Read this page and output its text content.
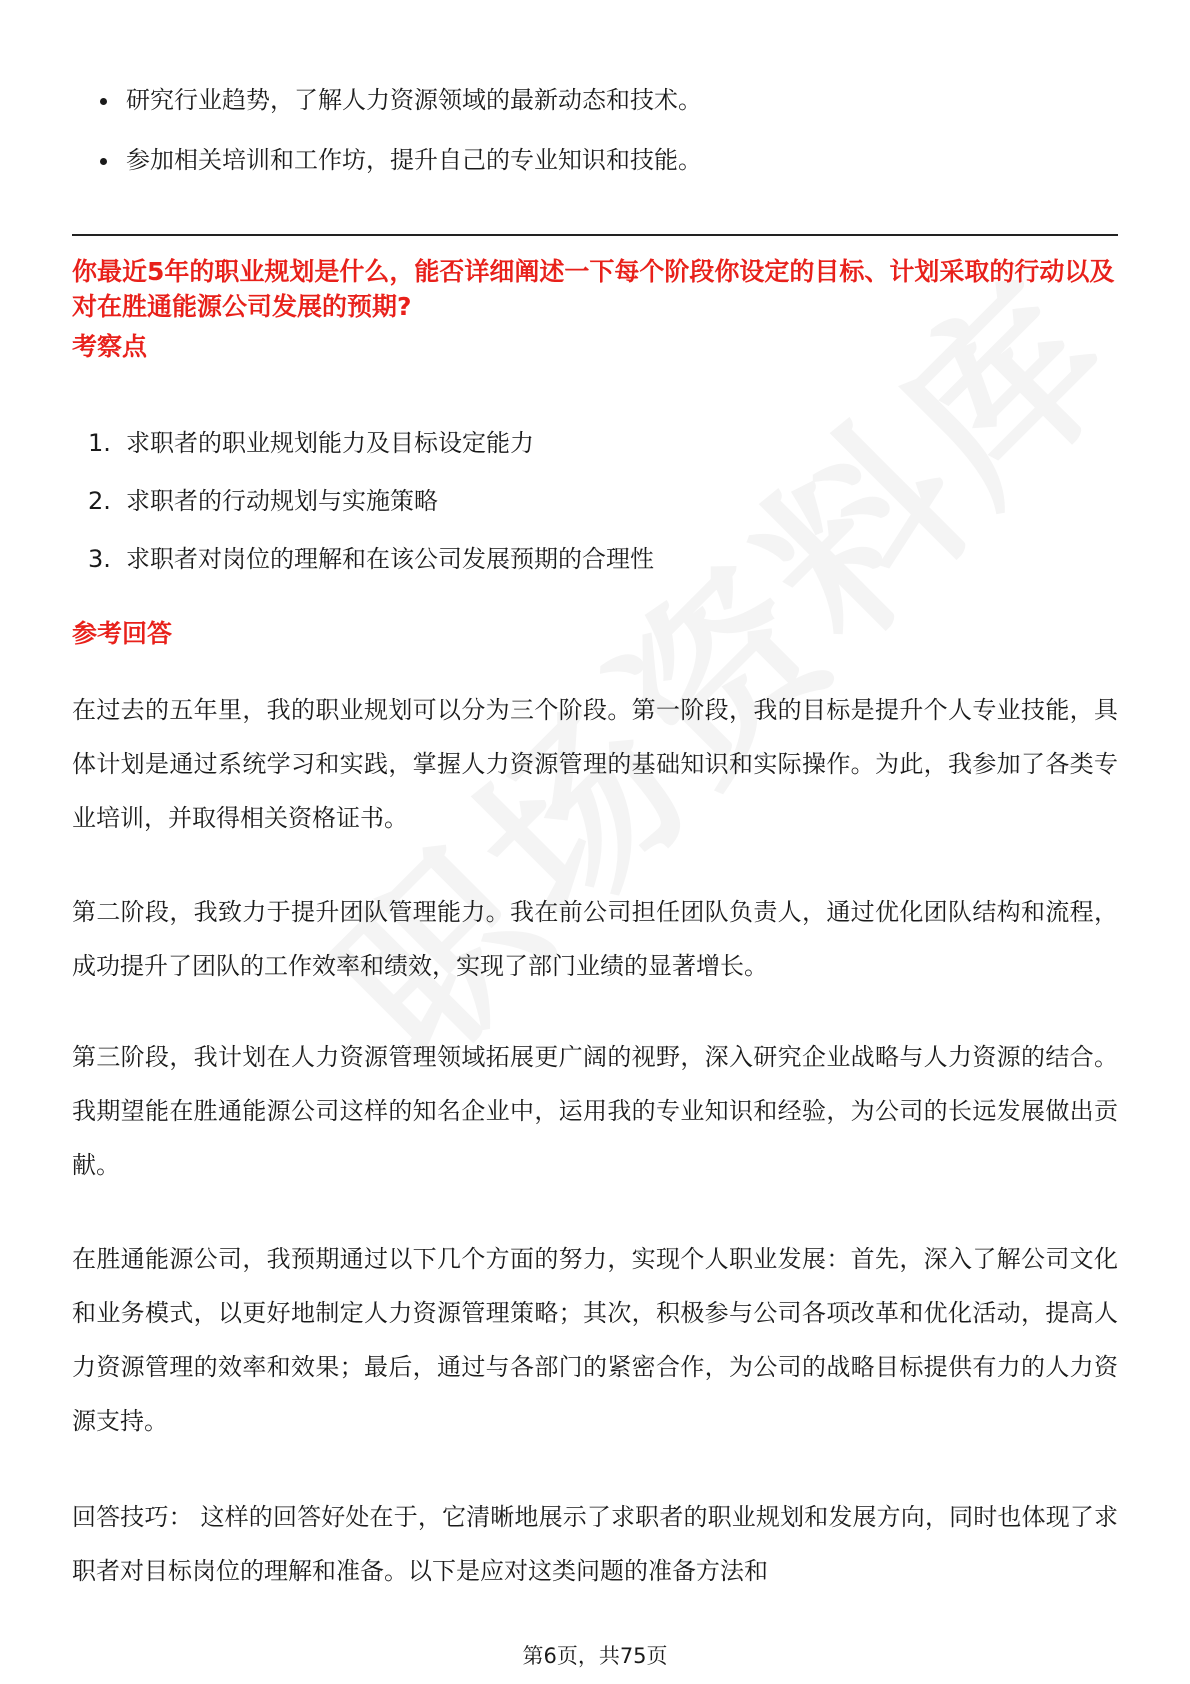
研究行业趋势，了解人力资源领域的最新动态和技术。
参加相关培训和工作坊，提升自己的专业知识和技能。

你最近5年的职业规划是什么，能否详细阐述一下每个阶段你设定的目标、计划采取的行动以及对在胜通能源公司发展的预期?

考察点

1. 求职者的职业规划能力及目标设定能力
2. 求职者的行动规划与实施策略
3. 求职者对岗位的理解和在该公司发展预期的合理性

参考回答

在过去的五年里，我的职业规划可以分为三个阶段。第一阶段，我的目标是提升个人专业技能，具体计划是通过系统学习和实践，掌握人力资源管理的基础知识和实际操作。为此，我参加了各类专业培训，并取得相关资格证书。

第二阶段，我致力于提升团队管理能力。我在前公司担任团队负责人，通过优化团队结构和流程，成功提升了团队的工作效率和绩效，实现了部门业绩的显著增长。

第三阶段，我计划在人力资源管理领域拓展更广阔的视野，深入研究企业战略与人力资源的结合。我期望能在胜通能源公司这样的知名企业中，运用我的专业知识和经验，为公司的长远发展做出贡献。

在胜通能源公司，我预期通过以下几个方面的努力，实现个人职业发展：首先，深入了解公司文化和业务模式，以更好地制定人力资源管理策略；其次，积极参与公司各项改革和优化活动，提高人力资源管理的效率和效果；最后，通过与各部门的紧密合作，为公司的战略目标提供有力的人力资源支持。

回答技巧： 这样的回答好处在于，它清晰地展示了求职者的职业规划和发展方向，同时也体现了求职者对目标岗位的理解和准备。以下是应对这类问题的准备方法和

第6页，共75页
